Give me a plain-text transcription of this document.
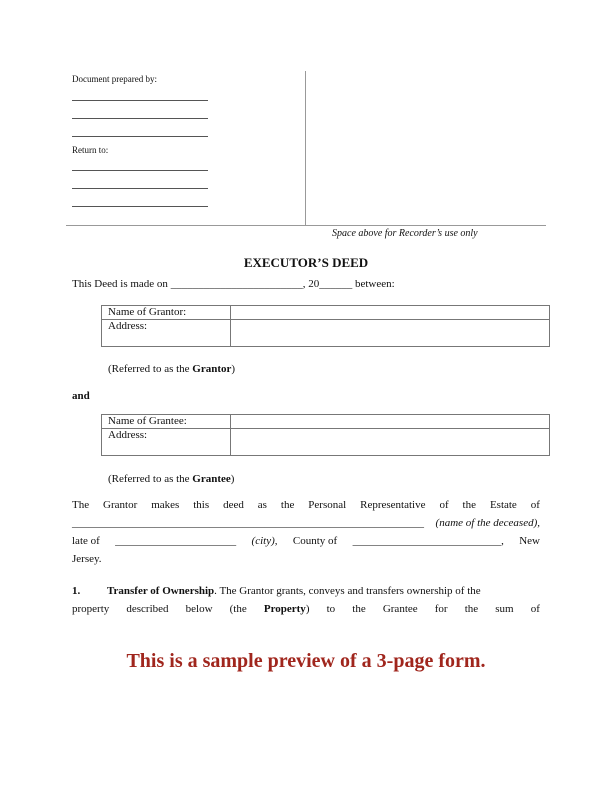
Document prepared by:
Return to:
Space above for Recorder’s use only
EXECUTOR’S DEED
This Deed is made on ________________________, 20______ between:
Name of Grantor:	
Address:	
(Referred to as the Grantor)
and
Name of Grantee:	
Address:	
(Referred to as the Grantee)
The Grantor makes this deed as the Personal Representative of the Estate of
________________________________________________________________ (name of the deceased),
late of ______________________ (city), County of ___________________________, New
Jersey.
1. Transfer of Ownership. The Grantor grants, conveys and transfers ownership of the
property described below (the Property) to the Grantee for the sum of
This is a sample preview of a 3-page form.
